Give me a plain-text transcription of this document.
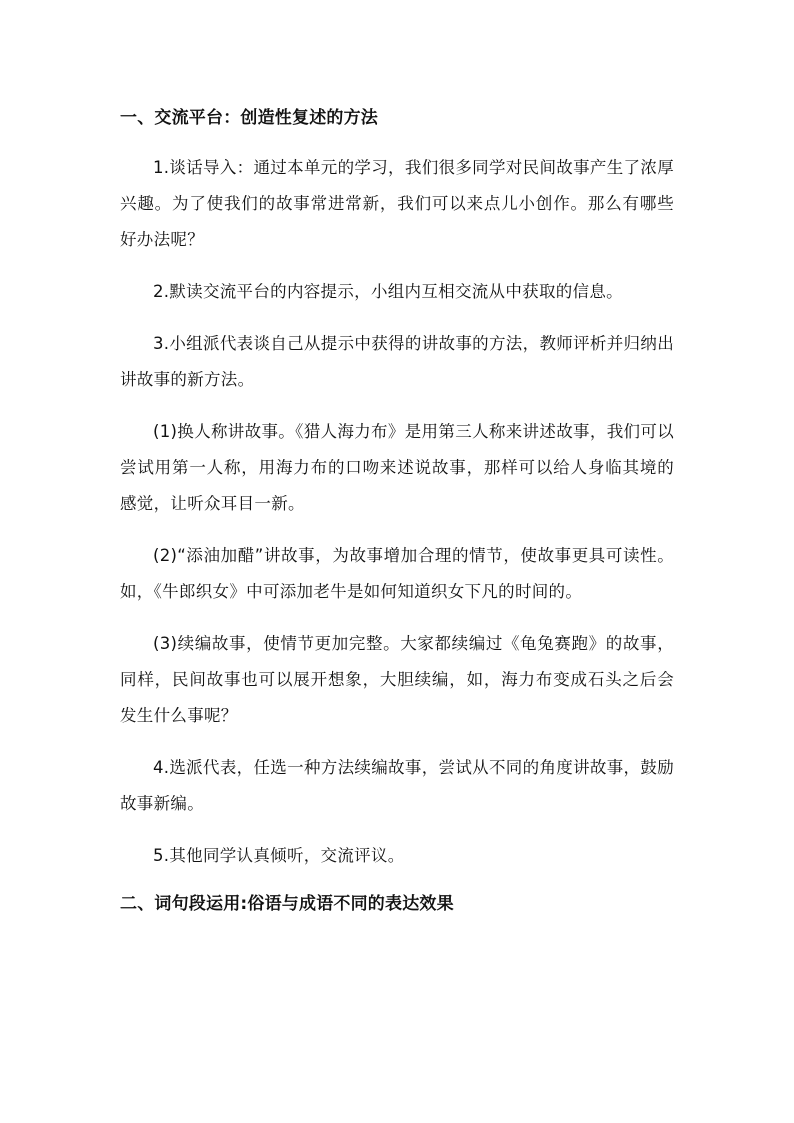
一、交流平台：创造性复述的方法

1.谈话导入：通过本单元的学习，我们很多同学对民间故事产生了浓厚兴趣。为了使我们的故事常进常新，我们可以来点儿小创作。那么有哪些好办法呢？

2.默读交流平台的内容提示，小组内互相交流从中获取的信息。

3.小组派代表谈自己从提示中获得的讲故事的方法，教师评析并归纳出讲故事的新方法。

(1)换人称讲故事。《猎人海力布》是用第三人称来讲述故事，我们可以尝试用第一人称，用海力布的口吻来述说故事，那样可以给人身临其境的感觉，让听众耳目一新。

(2)“添油加醋”讲故事，为故事增加合理的情节，使故事更具可读性。如，《牛郎织女》中可添加老牛是如何知道织女下凡的时间的。

(3)续编故事，使情节更加完整。大家都续编过《龟兔赛跑》的故事，同样，民间故事也可以展开想象，大胆续编，如，海力布变成石头之后会发生什么事呢？

4.选派代表，任选一种方法续编故事，尝试从不同的角度讲故事，鼓励故事新编。

5.其他同学认真倾听，交流评议。

二、词句段运用:俗语与成语不同的表达效果
